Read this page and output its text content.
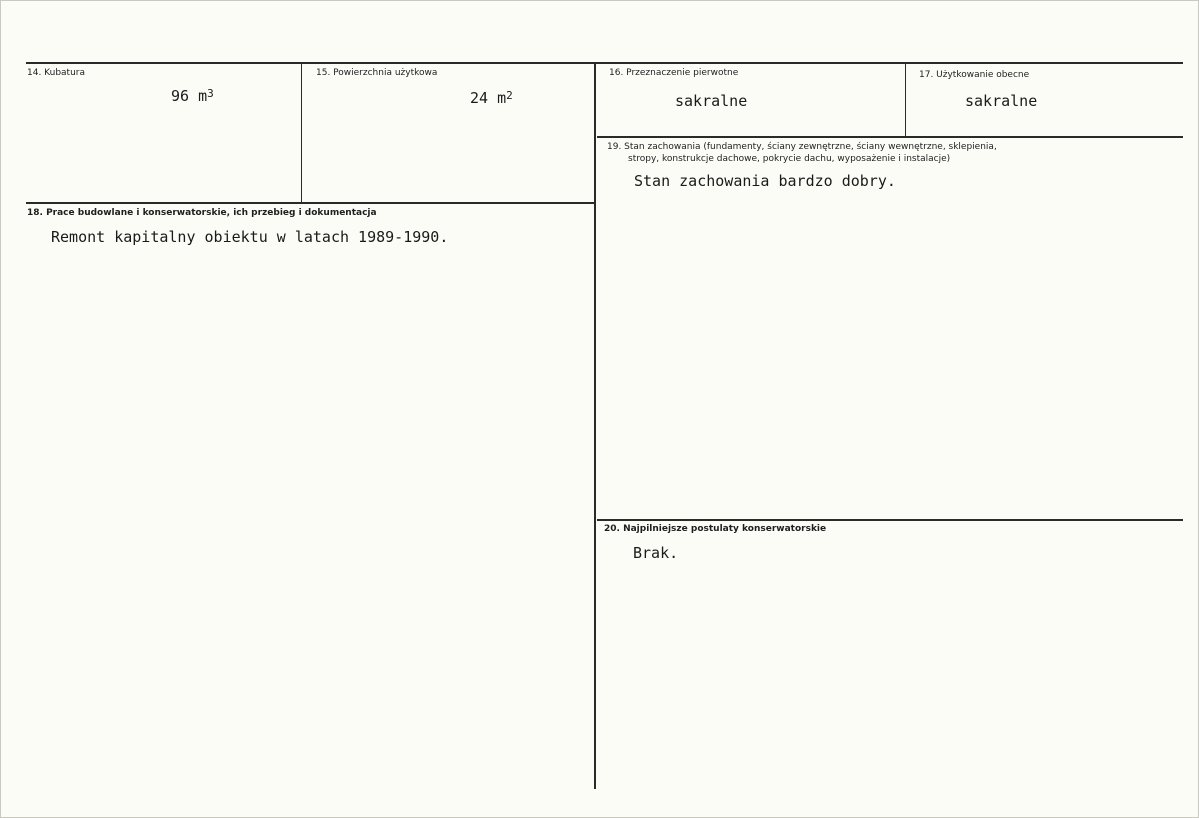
14. Kubatura
96 $m^3$
15. Powierzchnia użytkowa
24 $m^2$
16. Przeznaczenie pierwotne
sakralne
17. Użytkowanie obecne
sakralne
19. Stan zachowania (fundamenty, ściany zewnętrzne, ściany wewnętrzne, sklepienia,
stropy, konstrukcje dachowe, pokrycie dachu, wyposażenie i instalacje)
Stan zachowania bardzo dobry.
18. Prace budowlane i konserwatorskie, ich przebieg i dokumentacja
Remont kapitalny obiektu w latach 1989-1990.
20. Najpilniejsze postulaty konserwatorskie
Brak.
